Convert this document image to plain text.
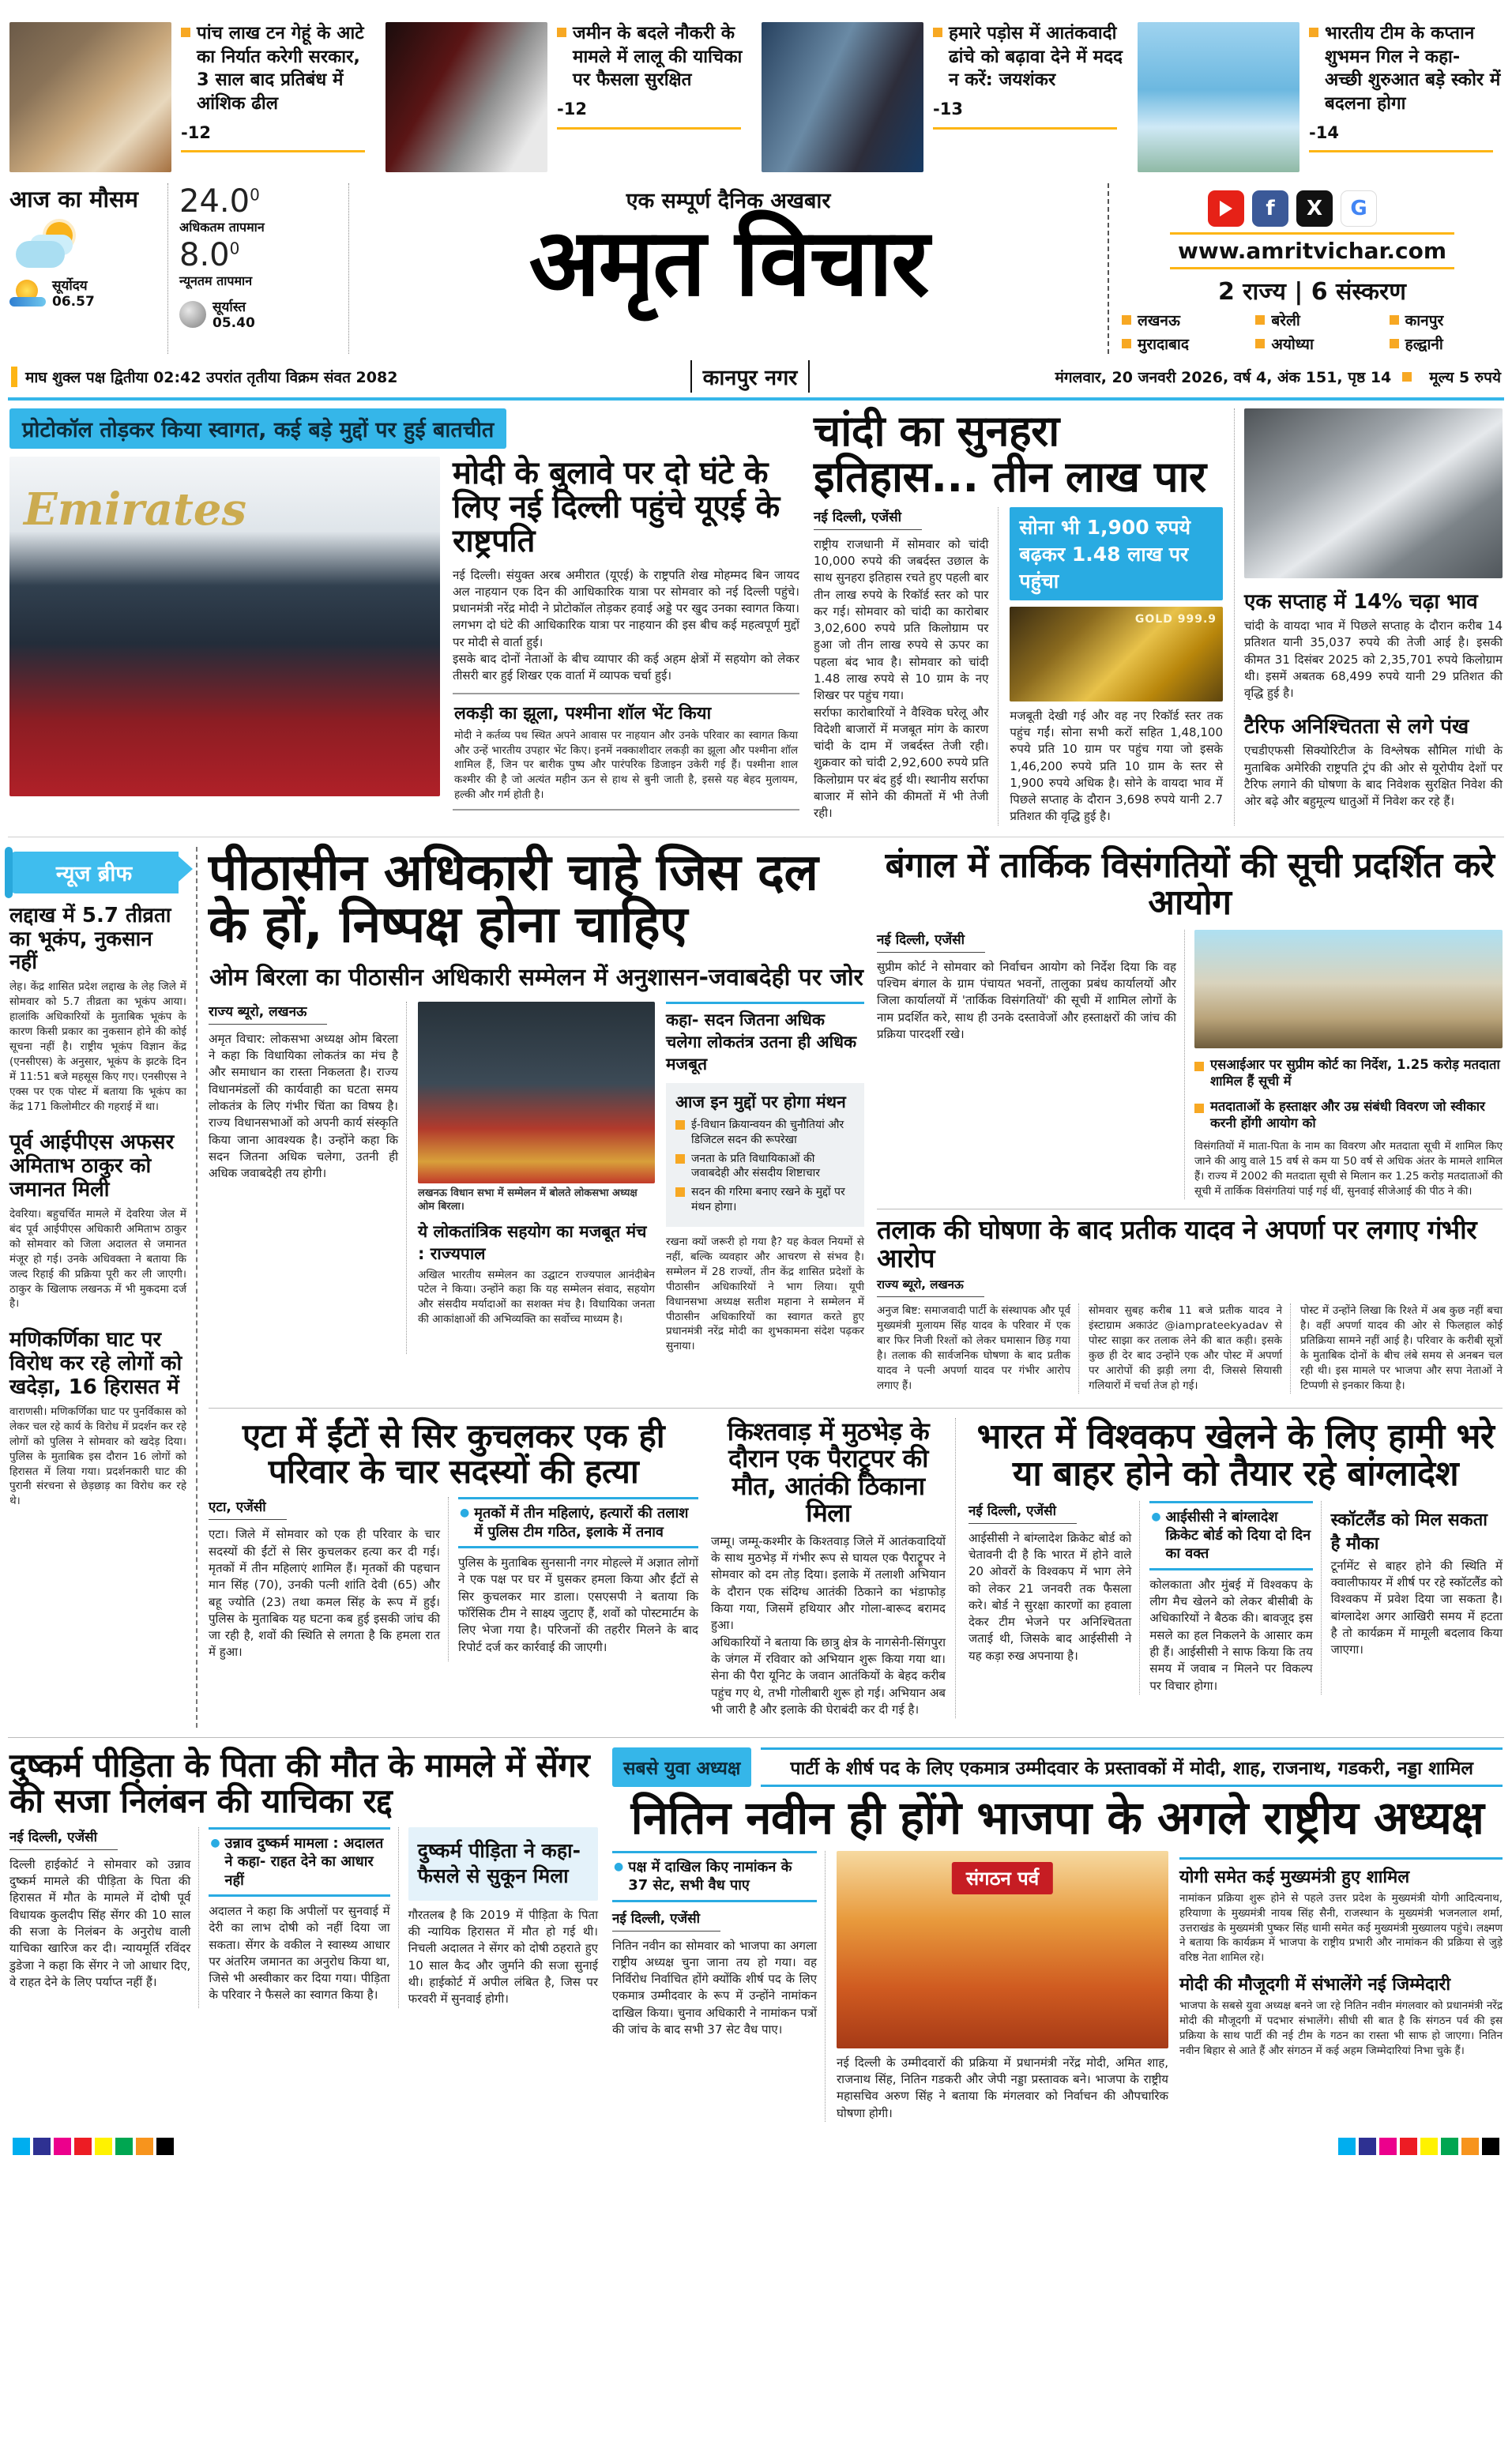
पांच लाख टन गेहूं के आटे का निर्यात करेगी सरकार, 3 साल बाद प्रतिबंध में आंशिक ढील
-12
जमीन के बदले नौकरी के मामले में लालू की याचिका पर फैसला सुरक्षित
-12
हमारे पड़ोस में आतंकवादी ढांचे को बढ़ावा देने में मदद न करें: जयशंकर
-13
भारतीय टीम के कप्तान शुभमन गिल ने कहा- अच्छी शुरुआत बड़े स्कोर में बदलना होगा
-14
आज का मौसम
सूर्योदय
06.57
24.0$^0$
अधिकतम तापमान
$8.0^0$
न्यूनतम तापमान
सूर्यास्त
05.40
एक सम्पूर्ण दैनिक अखबार
अमृत विचार	f	X	G
www.amritvichar.com
2 राज्य | 6 संस्करण
लखनऊ	बरेली	कानपुर
मुरादाबाद	अयोध्या	हल्द्वानी
माघ शुक्ल पक्ष द्वितीया 02:42 उपरांत तृतीया विक्रम संवत 2082	कानपुर नगर	मंगलवार, 20 जनवरी 2026, वर्ष 4, अंक 151, पृष्ठ 14	मूल्य 5 रुपये
प्रोटोकॉल तोड़कर किया स्वागत, कई बड़े मुद्दों पर हुई बातचीत
Emirates
मोदी के बुलावे पर दो घंटे के लिए नई दिल्ली पहुंचे यूएई के राष्ट्रपति

नई दिल्ली। संयुक्त अरब अमीरात (यूएई) के राष्ट्रपति शेख मोहम्मद बिन जायद अल नाहयान एक दिन की आधिकारिक यात्रा पर सोमवार को नई दिल्ली पहुंचे। प्रधानमंत्री नरेंद्र मोदी ने प्रोटोकॉल तोड़कर हवाई अड्डे पर खुद उनका स्वागत किया। लगभग दो घंटे की आधिकारिक यात्रा पर नाहयान की इस बीच कई महत्वपूर्ण मुद्दों पर मोदी से वार्ता हुई।

इसके बाद दोनों नेताओं के बीच व्यापार की कई अहम क्षेत्रों में सहयोग को लेकर तीसरी बार हुई शिखर एक वार्ता में व्यापक चर्चा हुई।

लकड़ी का झूला, पश्मीना शॉल भेंट किया
मोदी ने कर्तव्य पथ स्थित अपने आवास पर नाहयान और उनके परिवार का स्वागत किया और उन्हें भारतीय उपहार भेंट किए। इनमें नक्काशीदार लकड़ी का झूला और पश्मीना शॉल शामिल हैं, जिन पर बारीक पुष्प और पारंपरिक डिजाइन उकेरी गई हैं। पश्मीना शाल कश्मीर की है जो अत्यंत महीन ऊन से हाथ से बुनी जाती है, इससे यह बेहद मुलायम, हल्की और गर्म होती है।
चांदी का सुनहरा इतिहास... तीन लाख पार
नई दिल्ली, एजेंसी

राष्ट्रीय राजधानी में सोमवार को चांदी 10,000 रुपये की जबर्दस्त उछाल के साथ सुनहरा इतिहास रचते हुए पहली बार तीन लाख रुपये के रिकॉर्ड स्तर को पार कर गई। सोमवार को चांदी का कारोबार 3,02,600 रुपये प्रति किलोग्राम पर हुआ जो तीन लाख रुपये से ऊपर का पहला बंद भाव है। सोमवार को चांदी 1.48 लाख रुपये से 10 ग्राम के नए शिखर पर पहुंच गया।

सर्राफा कारोबारियों ने वैश्विक घरेलू और विदेशी बाजारों में मजबूत मांग के कारण चांदी के दाम में जबर्दस्त तेजी रही। शुक्रवार को चांदी 2,92,600 रुपये प्रति किलोग्राम पर बंद हुई थी। स्थानीय सर्राफा बाजार में सोने की कीमतों में भी तेजी रही।

सोना भी 1,900 रुपये बढ़कर 1.48 लाख पर पहुंचा
GOLD 999.9

मजबूती देखी गई और वह नए रिकॉर्ड स्तर तक पहुंच गईं। सोना सभी करों सहित 1,48,100 रुपये प्रति 10 ग्राम पर पहुंच गया जो इसके 1,46,200 रुपये प्रति 10 ग्राम के स्तर से 1,900 रुपये अधिक है। सोने के वायदा भाव में पिछले सप्ताह के दौरान 3,698 रुपये यानी 2.7 प्रतिशत की वृद्धि हुई है।

एक सप्ताह में 14% चढ़ा भाव
चांदी के वायदा भाव में पिछले सप्ताह के दौरान करीब 14 प्रतिशत यानी 35,037 रुपये की तेजी आई है। इसकी कीमत 31 दिसंबर 2025 को 2,35,701 रुपये किलोग्राम थी। इसमें अबतक 68,499 रुपये यानी 29 प्रतिशत की वृद्धि हुई है।
टैरिफ अनिश्चितता से लगे पंख
एचडीएफसी सिक्योरिटीज के विश्लेषक सौमिल गांधी के मुताबिक अमेरिकी राष्ट्रपति ट्रंप की ओर से यूरोपीय देशों पर टैरिफ लगाने की घोषणा के बाद निवेशक सुरक्षित निवेश की ओर बढ़े और बहुमूल्य धातुओं में निवेश कर रहे हैं।
न्यूज ब्रीफ
लद्दाख में 5.7 तीव्रता का भूकंप, नुकसान नहीं
लेह। केंद्र शासित प्रदेश लद्दाख के लेह जिले में सोमवार को 5.7 तीव्रता का भूकंप आया। हालांकि अधिकारियों के मुताबिक भूकंप के कारण किसी प्रकार का नुकसान होने की कोई सूचना नहीं है। राष्ट्रीय भूकंप विज्ञान केंद्र (एनसीएस) के अनुसार, भूकंप के झटके दिन में 11:51 बजे महसूस किए गए। एनसीएस ने एक्स पर एक पोस्ट में बताया कि भूकंप का केंद्र 171 किलोमीटर की गहराई में था।
पूर्व आईपीएस अफसर अमिताभ ठाकुर को जमानत मिली
देवरिया। बहुचर्चित मामले में देवरिया जेल में बंद पूर्व आईपीएस अधिकारी अमिताभ ठाकुर को सोमवार को जिला अदालत से जमानत मंजूर हो गई। उनके अधिवक्ता ने बताया कि जल्द रिहाई की प्रक्रिया पूरी कर ली जाएगी। ठाकुर के खिलाफ लखनऊ में भी मुकदमा दर्ज है।
मणिकर्णिका घाट पर विरोध कर रहे लोगों को खदेड़ा, 16 हिरासत में
वाराणसी। मणिकर्णिका घाट पर पुनर्विकास को लेकर चल रहे कार्य के विरोध में प्रदर्शन कर रहे लोगों को पुलिस ने सोमवार को खदेड़ दिया। पुलिस के मुताबिक इस दौरान 16 लोगों को हिरासत में लिया गया। प्रदर्शनकारी घाट की पुरानी संरचना से छेड़छाड़ का विरोध कर रहे थे।
पीठासीन अधिकारी चाहे जिस दल के हों, निष्पक्ष होना चाहिए
ओम बिरला का पीठासीन अधिकारी सम्मेलन में अनुशासन-जवाबदेही पर जोर
राज्य ब्यूरो, लखनऊ

अमृत विचार: लोकसभा अध्यक्ष ओम बिरला ने कहा कि विधायिका लोकतंत्र का मंच है और समाधान का रास्ता निकलता है। राज्य विधानमंडलों की कार्यवाही का घटता समय लोकतंत्र के लिए गंभीर चिंता का विषय है। राज्य विधानसभाओं को अपनी कार्य संस्कृति किया जाना आवश्यक है। उन्होंने कहा कि सदन जितना अधिक चलेगा, उतनी ही अधिक जवाबदेही तय होगी।

लखनऊ विधान सभा में सम्मेलन में बोलते लोकसभा अध्यक्ष ओम बिरला।
ये लोकतांत्रिक सहयोग का मजबूत मंच : राज्यपाल
अखिल भारतीय सम्मेलन का उद्घाटन राज्यपाल आनंदीबेन पटेल ने किया। उन्होंने कहा कि यह सम्मेलन संवाद, सहयोग और संसदीय मर्यादाओं का सशक्त मंच है। विधायिका जनता की आकांक्षाओं की अभिव्यक्ति का सर्वोच्च माध्यम है।
कहा- सदन जितना अधिक चलेगा लोकतंत्र उतना ही अधिक मजबूत
आज इन मुद्दों पर होगा मंथन
ई-विधान क्रियान्वयन की चुनौतियां और डिजिटल सदन की रूपरेखा
जनता के प्रति विधायिकाओं की जवाबदेही और संसदीय शिष्टाचार
सदन की गरिमा बनाए रखने के मुद्दों पर मंथन होगा।
रखना क्यों जरूरी हो गया है? यह केवल नियमों से नहीं, बल्कि व्यवहार और आचरण से संभव है। सम्मेलन में 28 राज्यों, तीन केंद्र शासित प्रदेशों के पीठासीन अधिकारियों ने भाग लिया। यूपी विधानसभा अध्यक्ष सतीश महाना ने सम्मेलन में पीठासीन अधिकारियों का स्वागत करते हुए प्रधानमंत्री नरेंद्र मोदी का शुभकामना संदेश पढ़कर सुनाया।
बंगाल में तार्किक विसंगतियों की सूची प्रदर्शित करे आयोग
नई दिल्ली, एजेंसी

सुप्रीम कोर्ट ने सोमवार को निर्वाचन आयोग को निर्देश दिया कि वह पश्चिम बंगाल के ग्राम पंचायत भवनों, तालुका प्रबंध कार्यालयों और जिला कार्यालयों में 'तार्किक विसंगतियों' की सूची में शामिल लोगों के नाम प्रदर्शित करे, साथ ही उनके दस्तावेजों और हस्ताक्षरों की जांच की प्रक्रिया पारदर्शी रखे।

एसआईआर पर सुप्रीम कोर्ट का निर्देश, 1.25 करोड़ मतदाता शामिल हैं सूची में
मतदाताओं के हस्ताक्षर और उम्र संबंधी विवरण जो स्वीकार करनी होंगी आयोग को
विसंगतियों में माता-पिता के नाम का विवरण और मतदाता सूची में शामिल किए जाने की आयु वाले 15 वर्ष से कम या 50 वर्ष से अधिक अंतर के मामले शामिल हैं। राज्य में 2002 की मतदाता सूची से मिलान कर 1.25 करोड़ मतदाताओं की सूची में तार्किक विसंगतियां पाई गई थीं, सुनवाई सीजेआई की पीठ ने की।
तलाक की घोषणा के बाद प्रतीक यादव ने अपर्णा पर लगाए गंभीर आरोप
राज्य ब्यूरो, लखनऊ
अनुज बिष्ट: समाजवादी पार्टी के संस्थापक और पूर्व मुख्यमंत्री मुलायम सिंह यादव के परिवार में एक बार फिर निजी रिश्तों को लेकर घमासान छिड़ गया है। तलाक की सार्वजनिक घोषणा के बाद प्रतीक यादव ने पत्नी अपर्णा यादव पर गंभीर आरोप लगाए हैं।
सोमवार सुबह करीब 11 बजे प्रतीक यादव ने इंस्टाग्राम अकाउंट @iamprateekyadav से पोस्ट साझा कर तलाक लेने की बात कही। इसके कुछ ही देर बाद उन्होंने एक और पोस्ट में अपर्णा पर आरोपों की झड़ी लगा दी, जिससे सियासी गलियारों में चर्चा तेज हो गई।
पोस्ट में उन्होंने लिखा कि रिश्ते में अब कुछ नहीं बचा है। वहीं अपर्णा यादव की ओर से फिलहाल कोई प्रतिक्रिया सामने नहीं आई है। परिवार के करीबी सूत्रों के मुताबिक दोनों के बीच लंबे समय से अनबन चल रही थी। इस मामले पर भाजपा और सपा नेताओं ने टिप्पणी से इनकार किया है।
एटा में ईंटों से सिर कुचलकर एक ही परिवार के चार सदस्यों की हत्या
एटा, एजेंसी

एटा। जिले में सोमवार को एक ही परिवार के चार सदस्यों की ईंटों से सिर कुचलकर हत्या कर दी गई। मृतकों में तीन महिलाएं शामिल हैं। मृतकों की पहचान मान सिंह (70), उनकी पत्नी शांति देवी (65) और बहू ज्योति (23) तथा कमल सिंह के रूप में हुई। पुलिस के मुताबिक यह घटना कब हुई इसकी जांच की जा रही है, शवों की स्थिति से लगता है कि हमला रात में हुआ।

● मृतकों में तीन महिलाएं, हत्यारों की तलाश में पुलिस टीम गठित, इलाके में तनाव

पुलिस के मुताबिक सुनसानी नगर मोहल्ले में अज्ञात लोगों ने एक पक्ष पर घर में घुसकर हमला किया और ईंटों से सिर कुचलकर मार डाला। एसएसपी ने बताया कि फॉरेंसिक टीम ने साक्ष्य जुटाए हैं, शवों को पोस्टमार्टम के लिए भेजा गया है। परिजनों की तहरीर मिलने के बाद रिपोर्ट दर्ज कर कार्रवाई की जाएगी।

किश्तवाड़ में मुठभेड़ के दौरान एक पैराट्रूपर की मौत, आतंकी ठिकाना मिला

जम्मू। जम्मू-कश्मीर के किश्तवाड़ जिले में आतंकवादियों के साथ मुठभेड़ में गंभीर रूप से घायल एक पैराट्रूपर ने सोमवार को दम तोड़ दिया। इलाके में तलाशी अभियान के दौरान एक संदिग्ध आतंकी ठिकाने का भंडाफोड़ किया गया, जिसमें हथियार और गोला-बारूद बरामद हुआ।

अधिकारियों ने बताया कि छात्रु क्षेत्र के नागसेनी-सिंगपुरा के जंगल में रविवार को अभियान शुरू किया गया था। सेना की पैरा यूनिट के जवान आतंकियों के बेहद करीब पहुंच गए थे, तभी गोलीबारी शुरू हो गई। अभियान अब भी जारी है और इलाके की घेराबंदी कर दी गई है।

भारत में विश्वकप खेलने के लिए हामी भरे या बाहर होने को तैयार रहे बांग्लादेश
नई दिल्ली, एजेंसी

आईसीसी ने बांग्लादेश क्रिकेट बोर्ड को चेतावनी दी है कि भारत में होने वाले 20 ओवरों के विश्वकप में भाग लेने को लेकर 21 जनवरी तक फैसला करे। बोर्ड ने सुरक्षा कारणों का हवाला देकर टीम भेजने पर अनिश्चितता जताई थी, जिसके बाद आईसीसी ने यह कड़ा रुख अपनाया है।

● आईसीसी ने बांग्लादेश क्रिकेट बोर्ड को दिया दो दिन का वक्त

कोलकाता और मुंबई में विश्वकप के लीग मैच खेलने को लेकर बीसीबी के अधिकारियों ने बैठक की। बावजूद इस मसले का हल निकलने के आसार कम ही हैं। आईसीसी ने साफ किया कि तय समय में जवाब न मिलने पर विकल्प पर विचार होगा।

स्कॉटलैंड को मिल सकता है मौका
टूर्नामेंट से बाहर होने की स्थिति में क्वालीफायर में शीर्ष पर रहे स्कॉटलैंड को विश्वकप में प्रवेश दिया जा सकता है। बांग्लादेश अगर आखिरी समय में हटता है तो कार्यक्रम में मामूली बदलाव किया जाएगा।
दुष्कर्म पीड़िता के पिता की मौत के मामले में सेंगर की सजा निलंबन की याचिका रद्द
नई दिल्ली, एजेंसी

दिल्ली हाईकोर्ट ने सोमवार को उन्नाव दुष्कर्म मामले की पीड़िता के पिता की हिरासत में मौत के मामले में दोषी पूर्व विधायक कुलदीप सिंह सेंगर की 10 साल की सजा के निलंबन के अनुरोध वाली याचिका खारिज कर दी। न्यायमूर्ति रविंदर डुडेजा ने कहा कि सेंगर ने जो आधार दिए, वे राहत देने के लिए पर्याप्त नहीं हैं।

● उन्नाव दुष्कर्म मामला : अदालत ने कहा- राहत देने का आधार नहीं

अदालत ने कहा कि अपीलों पर सुनवाई में देरी का लाभ दोषी को नहीं दिया जा सकता। सेंगर के वकील ने स्वास्थ्य आधार पर अंतरिम जमानत का अनुरोध किया था, जिसे भी अस्वीकार कर दिया गया। पीड़िता के परिवार ने फैसले का स्वागत किया है।

दुष्कर्म पीड़िता ने कहा- फैसले से सुकून मिला

गौरतलब है कि 2019 में पीड़िता के पिता की न्यायिक हिरासत में मौत हो गई थी। निचली अदालत ने सेंगर को दोषी ठहराते हुए 10 साल कैद और जुर्माने की सजा सुनाई थी। हाईकोर्ट में अपील लंबित है, जिस पर फरवरी में सुनवाई होगी।

सबसे युवा अध्यक्ष	पार्टी के शीर्ष पद के लिए एकमात्र उम्मीदवार के प्रस्तावकों में मोदी, शाह, राजनाथ, गडकरी, नड्डा शामिल
नितिन नवीन ही होंगे भाजपा के अगले राष्ट्रीय अध्यक्ष
● पक्ष में दाखिल किए नामांकन के 37 सेट, सभी वैध पाए
नई दिल्ली, एजेंसी

नितिन नवीन का सोमवार को भाजपा का अगला राष्ट्रीय अध्यक्ष चुना जाना तय हो गया। वह निर्विरोध निर्वाचित होंगे क्योंकि शीर्ष पद के लिए एकमात्र उम्मीदवार के रूप में उन्होंने नामांकन दाखिल किया। चुनाव अधिकारी ने नामांकन पत्रों की जांच के बाद सभी 37 सेट वैध पाए।

संगठन पर्व

नई दिल्ली के उम्मीदवारों की प्रक्रिया में प्रधानमंत्री नरेंद्र मोदी, अमित शाह, राजनाथ सिंह, नितिन गडकरी और जेपी नड्डा प्रस्तावक बने। भाजपा के राष्ट्रीय महासचिव अरुण सिंह ने बताया कि मंगलवार को निर्वाचन की औपचारिक घोषणा होगी।

योगी समेत कई मुख्यमंत्री हुए शामिल
नामांकन प्रक्रिया शुरू होने से पहले उत्तर प्रदेश के मुख्यमंत्री योगी आदित्यनाथ, हरियाणा के मुख्यमंत्री नायब सिंह सैनी, राजस्थान के मुख्यमंत्री भजनलाल शर्मा, उत्तराखंड के मुख्यमंत्री पुष्कर सिंह धामी समेत कई मुख्यमंत्री मुख्यालय पहुंचे। लक्ष्मण ने बताया कि कार्यक्रम में भाजपा के राष्ट्रीय प्रभारी और नामांकन की प्रक्रिया से जुड़े वरिष्ठ नेता शामिल रहे।
मोदी की मौजूदगी में संभालेंगे नई जिम्मेदारी
भाजपा के सबसे युवा अध्यक्ष बनने जा रहे नितिन नवीन मंगलवार को प्रधानमंत्री नरेंद्र मोदी की मौजूदगी में पदभार संभालेंगे। सीधी सी बात है कि संगठन पर्व की इस प्रक्रिया के साथ पार्टी की नई टीम के गठन का रास्ता भी साफ हो जाएगा। नितिन नवीन बिहार से आते हैं और संगठन में कई अहम जिम्मेदारियां निभा चुके हैं।
